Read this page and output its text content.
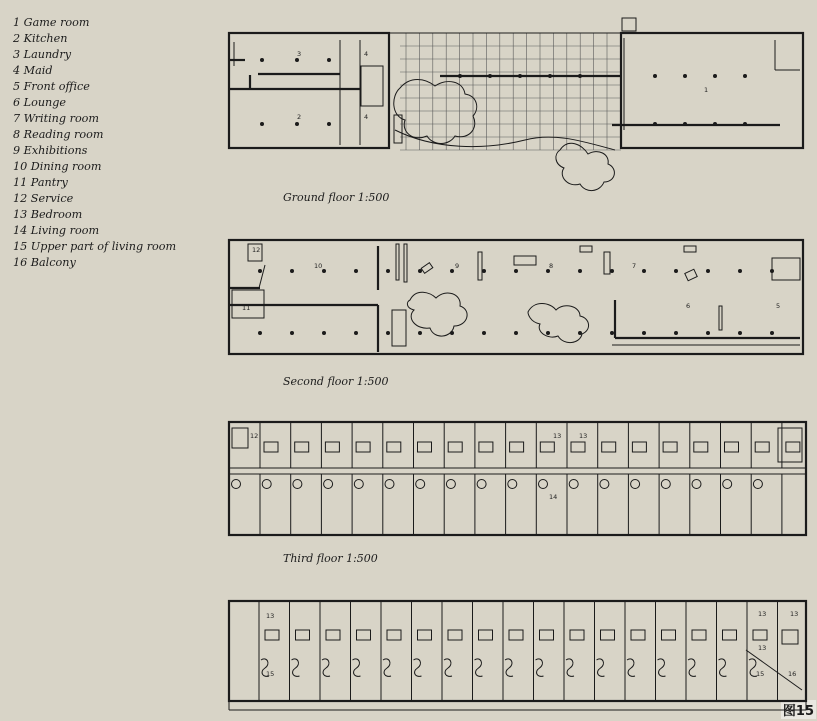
1 Game room
2 Kitchen
3 Laundry
4 Maid
5 Front office
6 Lounge
7 Writing room
8 Reading room
9 Exhibitions
10 Dining room
11 Pantry
12 Service
13 Bedroom
14 Living room
15 Upper part of living room
16 Balcony
Ground floor 1:500
Second floor 1:500
Third floor 1:500
图15
3	4
2	4
1
12
10
11
9	8	7
6	5
12	13	13
14
13
15
13	13
13
15	16
